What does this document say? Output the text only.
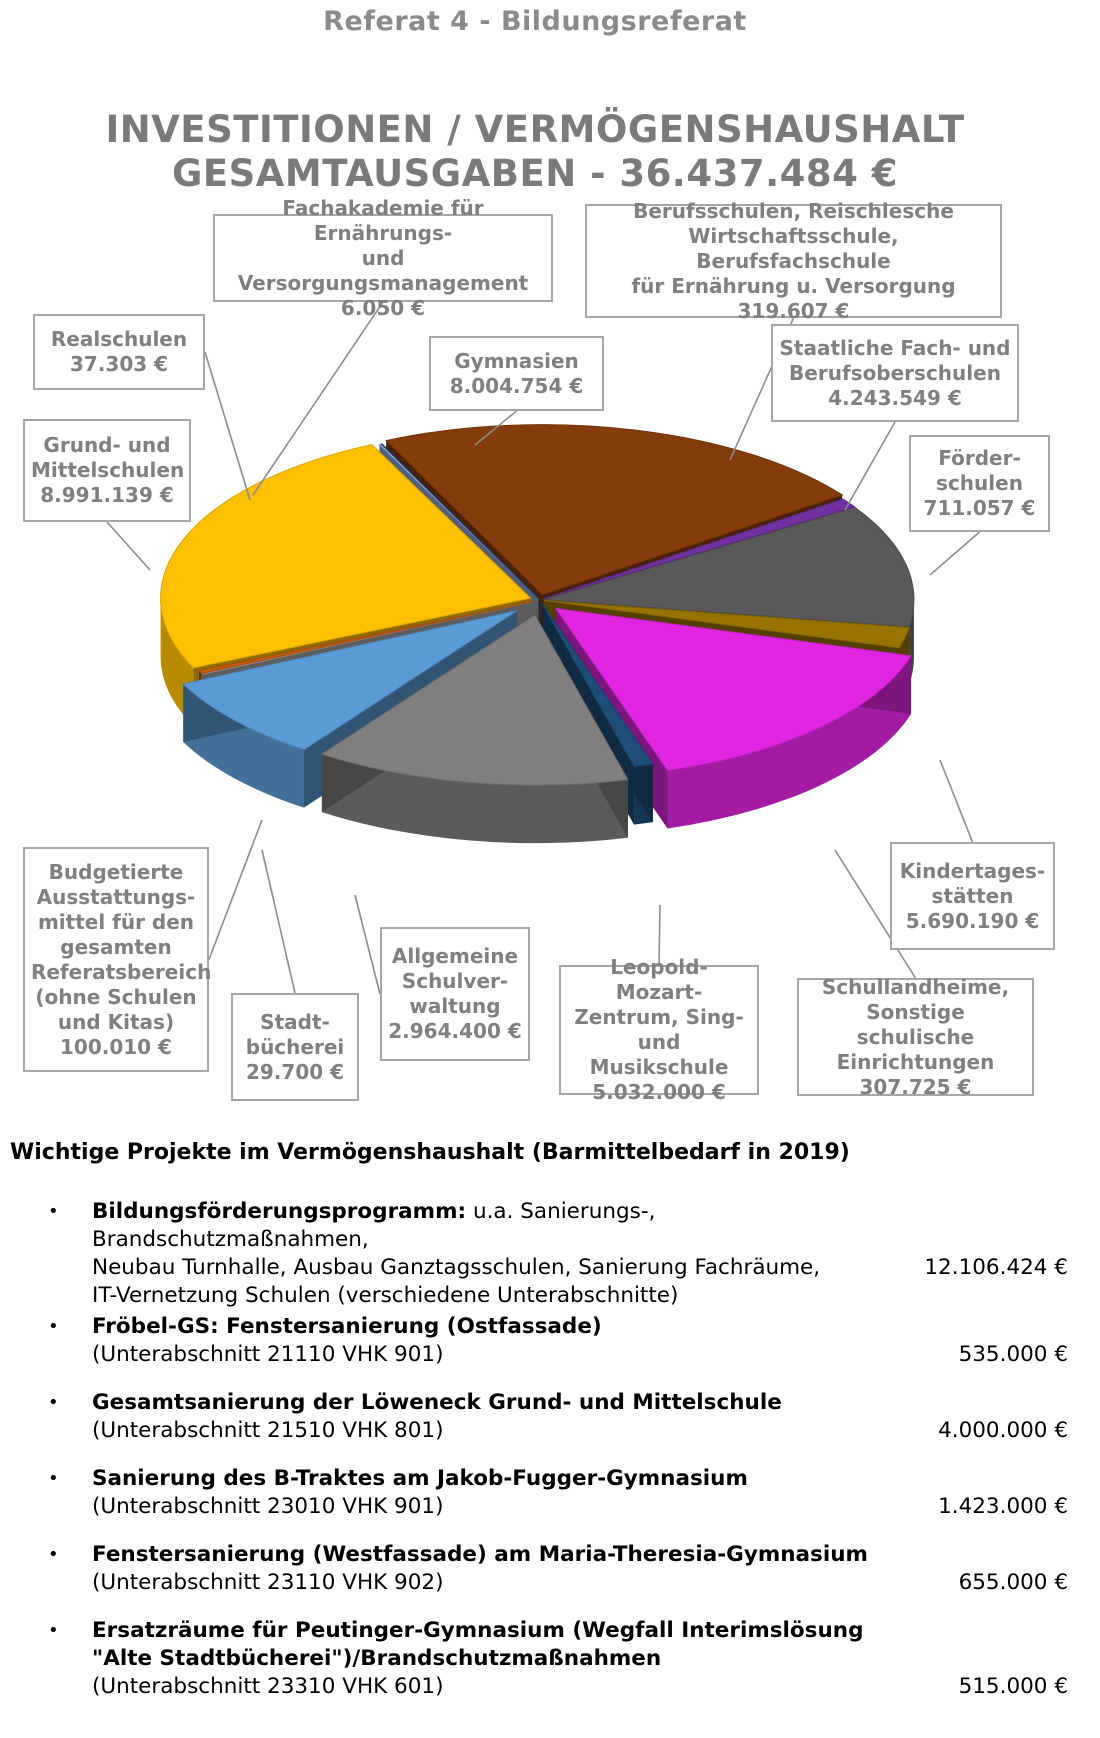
Referat 4 - Bildungsreferat
INVESTITIONEN / VERMÖGENSHAUSHALT
GESAMTAUSGABEN - 36.437.484 €
Gymnasien
8.004.754 €
Berufsschulen, Reischlesche
Wirtschaftsschule, Berufsfachschule
für Ernährung u. Versorgung
319.607 €
Staatliche Fach- und
Berufsoberschulen
4.243.549 €
Förder-
schulen
711.057 €
Kindertages-
stätten
5.690.190 €
Schullandheime,
Sonstige schulische
Einrichtungen
307.725 €
Leopold-Mozart-
Zentrum, Sing-
und Musikschule
5.032.000 €
Allgemeine
Schulver-
waltung
2.964.400 €
Stadt-
bücherei
29.700 €
Budgetierte
Ausstattungs-
mittel für den
gesamten
Referatsbereich
(ohne Schulen
und Kitas)
100.010 €
Grund- und
Mittelschulen
8.991.139 €
Realschulen
37.303 €
Fachakademie für Ernährungs-
und Versorgungsmanagement
6.050 €
Wichtige Projekte im Vermögenshaushalt (Barmittelbedarf in 2019)
• Bildungsförderungsprogramm: u.a. Sanierungs-, Brandschutzmaßnahmen,
Neubau Turnhalle, Ausbau Ganztagsschulen, Sanierung Fachräume,
IT-Vernetzung Schulen (verschiedene Unterabschnitte)
12.106.424 €
• Fröbel-GS: Fenstersanierung (Ostfassade)
(Unterabschnitt 21110 VHK 901)	535.000 €
• Gesamtsanierung der Löweneck Grund- und Mittelschule
(Unterabschnitt 21510 VHK 801)	4.000.000 €
• Sanierung des B-Traktes am Jakob-Fugger-Gymnasium
(Unterabschnitt 23010 VHK 901)	1.423.000 €
• Fenstersanierung (Westfassade) am Maria-Theresia-Gymnasium
(Unterabschnitt 23110 VHK 902)	655.000 €
• Ersatzräume für Peutinger-Gymnasium (Wegfall Interimslösung
"Alte Stadtbücherei")/Brandschutzmaßnahmen
(Unterabschnitt 23310 VHK 601)	515.000 €
